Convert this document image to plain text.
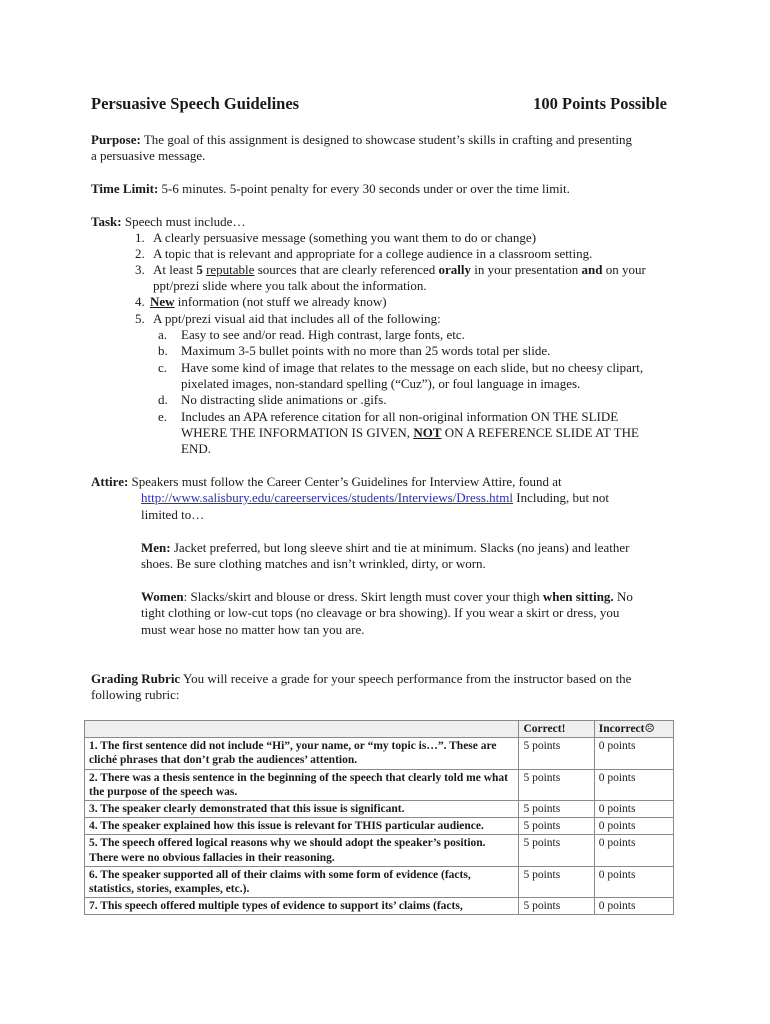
Persuasive Speech Guidelines	100 Points Possible
Purpose: The goal of this assignment is designed to showcase student’s skills in crafting and presenting
a persuasive message.
Time Limit: 5-6 minutes. 5-point penalty for every 30 seconds under or over the time limit.
Task: Speech must include…
1. A clearly persuasive message (something you want them to do or change)
2. A topic that is relevant and appropriate for a college audience in a classroom setting.
3. At least 5 reputable sources that are clearly referenced orally in your presentation and on your
ppt/prezi slide where you talk about the information.
4. New information (not stuff we already know)
5. A ppt/prezi visual aid that includes all of the following:
a. Easy to see and/or read. High contrast, large fonts, etc.
b. Maximum 3-5 bullet points with no more than 25 words total per slide.
c. Have some kind of image that relates to the message on each slide, but no cheesy clipart,
pixelated images, non-standard spelling (“Cuz”), or foul language in images.
d. No distracting slide animations or .gifs.
e. Includes an APA reference citation for all non-original information ON THE SLIDE
WHERE THE INFORMATION IS GIVEN, NOT ON A REFERENCE SLIDE AT THE
END.
Attire: Speakers must follow the Career Center’s Guidelines for Interview Attire, found at
http://www.salisbury.edu/careerservices/students/Interviews/Dress.html Including, but not
limited to…
Men: Jacket preferred, but long sleeve shirt and tie at minimum. Slacks (no jeans) and leather
shoes. Be sure clothing matches and isn’t wrinkled, dirty, or worn.
Women: Slacks/skirt and blouse or dress. Skirt length must cover your thigh when sitting. No
tight clothing or low-cut tops (no cleavage or bra showing). If you wear a skirt or dress, you
must wear hose no matter how tan you are.
Grading Rubric You will receive a grade for your speech performance from the instructor based on the
following rubric:
	Correct!	Incorrect☹
1. The first sentence did not include “Hi”, your name, or “my topic is…”. These are cliché phrases that don’t grab the audiences’ attention.	5 points	0 points
2. There was a thesis sentence in the beginning of the speech that clearly told me what the purpose of the speech was.	5 points	0 points
3. The speaker clearly demonstrated that this issue is significant.	5 points	0 points
4. The speaker explained how this issue is relevant for THIS particular audience.	5 points	0 points
5. The speech offered logical reasons why we should adopt the speaker’s position. There were no obvious fallacies in their reasoning.	5 points	0 points
6. The speaker supported all of their claims with some form of evidence (facts, statistics, stories, examples, etc.).	5 points	0 points
7. This speech offered multiple types of evidence to support its’ claims (facts,	5 points	0 points
